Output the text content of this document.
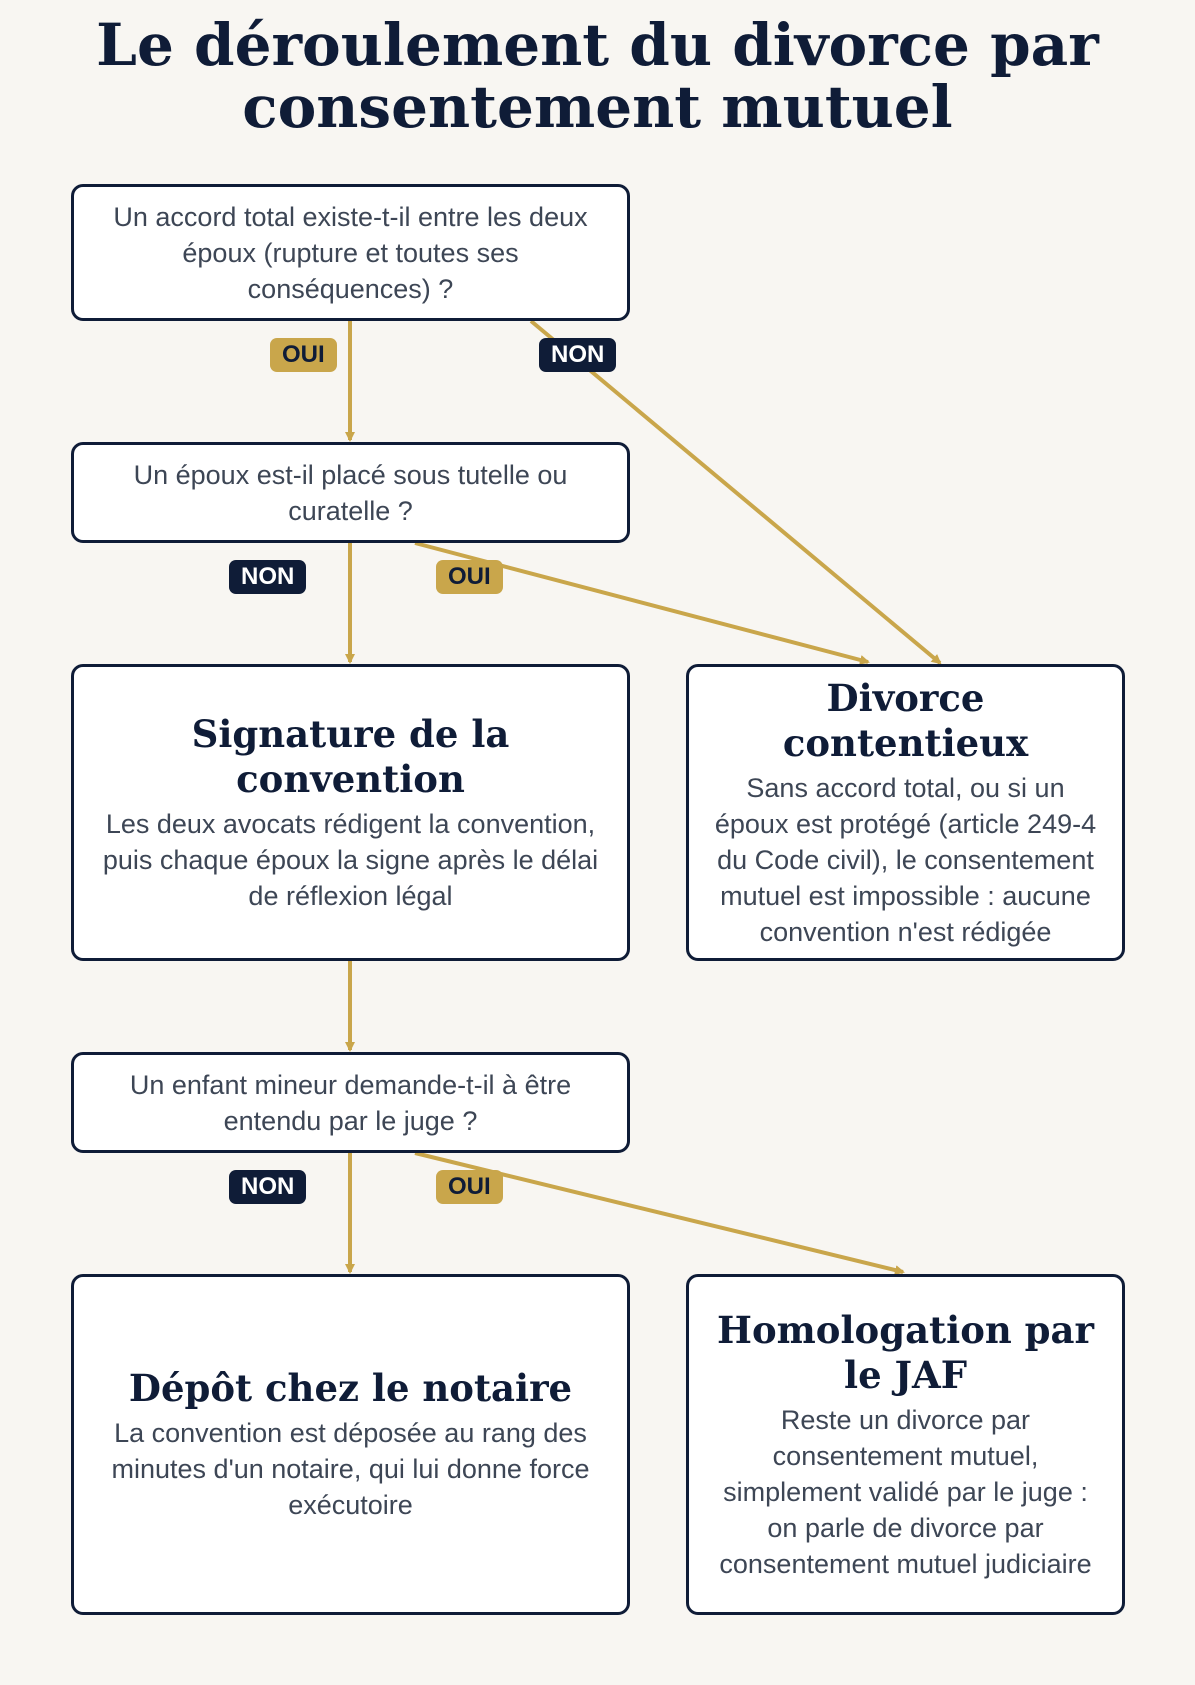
Le déroulement du divorce par consentement mutuel
Un accord total existe-t-il entre les deux époux (rupture et toutes ses conséquences) ?
Un époux est-il placé sous tutelle ou curatelle ?
Signature de la convention
Les deux avocats rédigent la convention, puis chaque époux la signe après le délai de réflexion légal
Divorce contentieux
Sans accord total, ou si un époux est protégé (article 249-4 du Code civil), le consentement mutuel est impossible : aucune convention n'est rédigée
Un enfant mineur demande-t-il à être entendu par le juge ?
Dépôt chez le notaire
La convention est déposée au rang des minutes d'un notaire, qui lui donne force exécutoire
Homologation par le JAF
Reste un divorce par consentement mutuel, simplement validé par le juge : on parle de divorce par consentement mutuel judiciaire
OUI	NON
NON	OUI
NON	OUI
